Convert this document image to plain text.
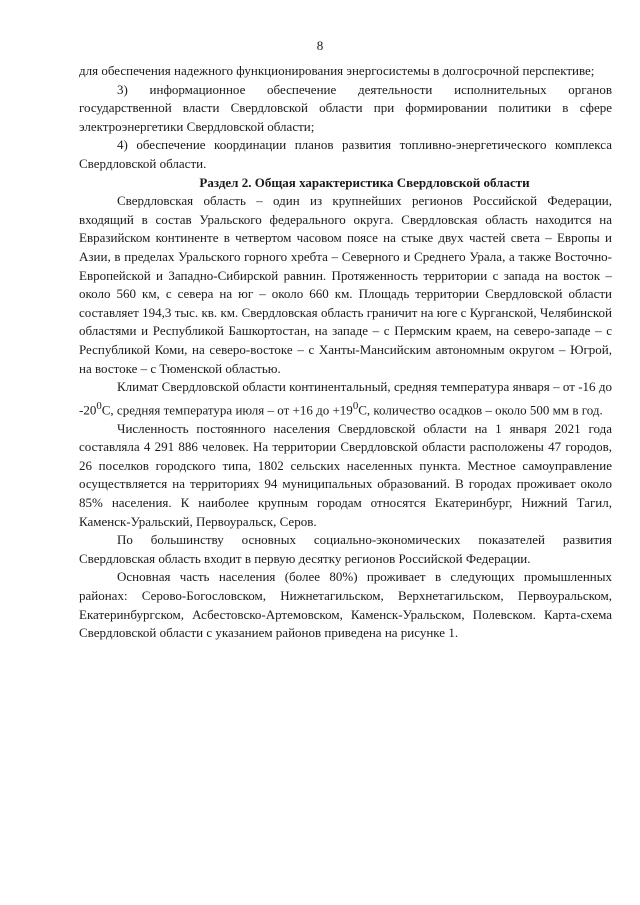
8

для обеспечения надежного функционирования энергосистемы в долгосрочной перспективе;

3) информационное обеспечение деятельности исполнительных органов государственной власти Свердловской области при формировании политики в сфере электроэнергетики Свердловской области;

4) обеспечение координации планов развития топливно-энергетического комплекса Свердловской области.

Раздел 2. Общая характеристика Свердловской области

Свердловская область – один из крупнейших регионов Российской Федерации, входящий в состав Уральского федерального округа. Свердловская область находится на Евразийском континенте в четвертом часовом поясе на стыке двух частей света – Европы и Азии, в пределах Уральского горного хребта – Северного и Среднего Урала, а также Восточно-Европейской и Западно-Сибирской равнин. Протяженность территории с запада на восток – около 560 км, с севера на юг – около 660 км. Площадь территории Свердловской области составляет 194,3 тыс. кв. км. Свердловская область граничит на юге с Курганской, Челябинской областями и Республикой Башкортостан, на западе – с Пермским краем, на северо-западе – с Республикой Коми, на северо-востоке – с Ханты-Мансийским автономным округом – Югрой, на востоке – с Тюменской областью.

Климат Свердловской области континентальный, средняя температура января – от -16 до $-20^0С$, средняя температура июля – от +16 до $+19^0С$, количество осадков – около 500 мм в год.

Численность постоянного населения Свердловской области на 1 января 2021 года составляла 4 291 886 человек. На территории Свердловской области расположены 47 городов, 26 поселков городского типа, 1802 сельских населенных пункта. Местное самоуправление осуществляется на территориях 94 муниципальных образований. В городах проживает около 85% населения. К наиболее крупным городам относятся Екатеринбург, Нижний Тагил, Каменск-Уральский, Первоуральск, Серов.

По большинству основных социально-экономических показателей развития Свердловская область входит в первую десятку регионов Российской Федерации.

Основная часть населения (более 80%) проживает в следующих промышленных районах: Серово-Богословском, Нижнетагильском, Верхнетагильском, Первоуральском, Екатеринбургском, Асбестовско-Артемовском, Каменск-Уральском, Полевском. Карта-схема Свердловской области с указанием районов приведена на рисунке 1.
